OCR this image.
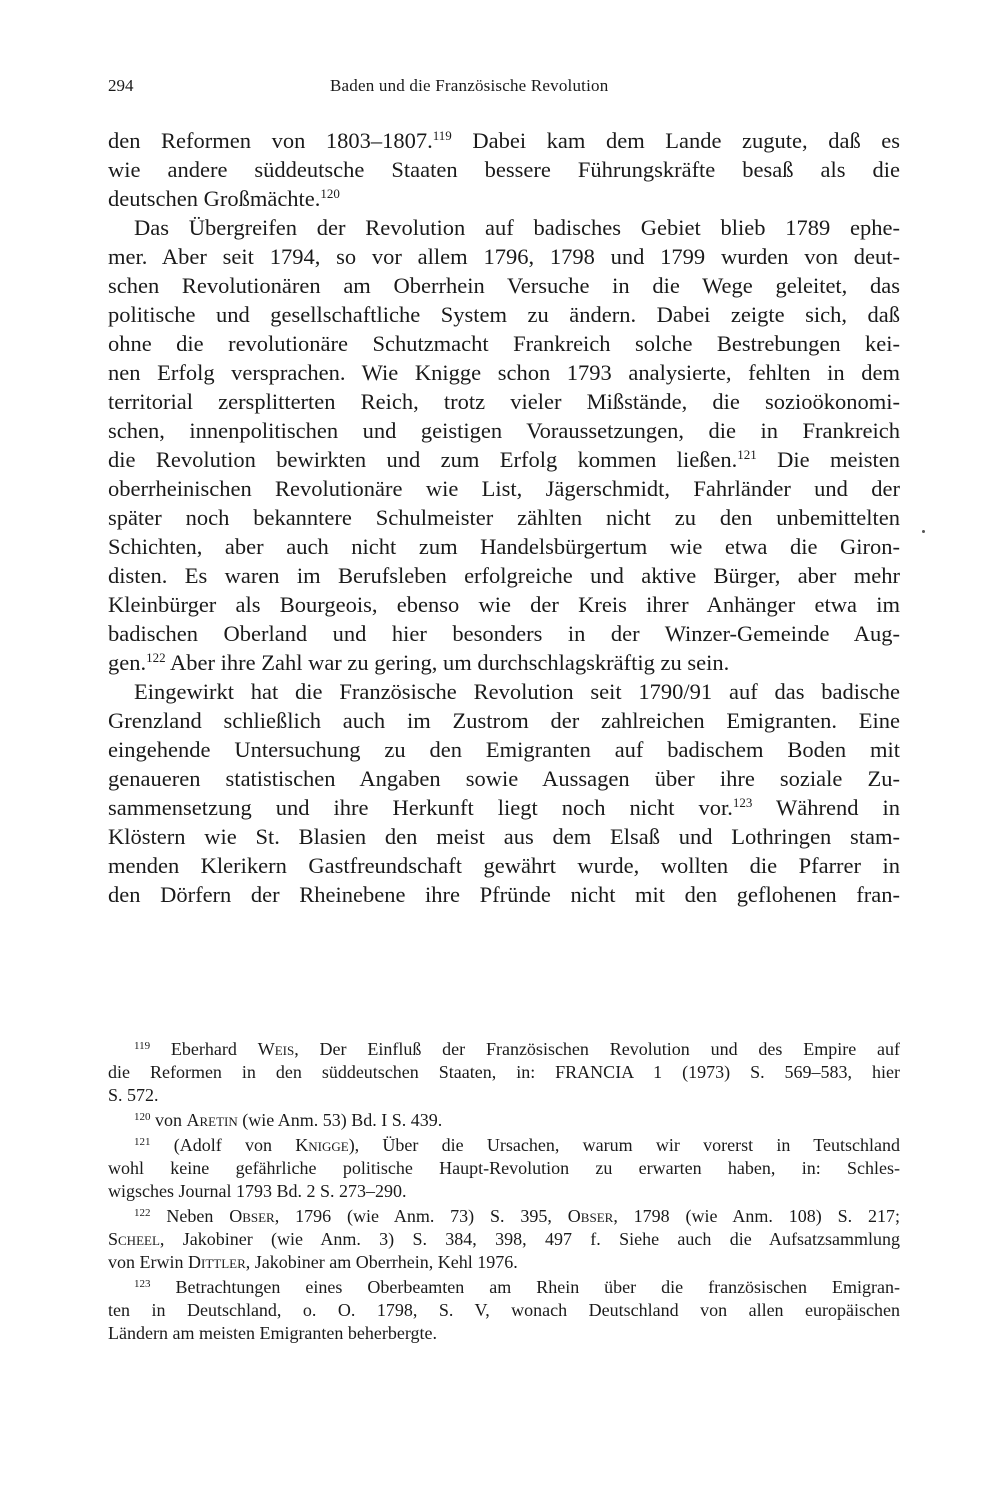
294	Baden und die Französische Revolution
den Reformen von 1803–1807.$^{119}$ Dabei kam dem Lande zugute, daß es
wie andere süddeutsche Staaten bessere Führungskräfte besaß als die
deutschen Großmächte.$^{120}$
Das Übergreifen der Revolution auf badisches Gebiet blieb 1789 ephe-
mer. Aber seit 1794, so vor allem 1796, 1798 und 1799 wurden von deut-
schen Revolutionären am Oberrhein Versuche in die Wege geleitet, das
politische und gesellschaftliche System zu ändern. Dabei zeigte sich, daß
ohne die revolutionäre Schutzmacht Frankreich solche Bestrebungen kei-
nen Erfolg versprachen. Wie Knigge schon 1793 analysierte, fehlten in dem
territorial zersplitterten Reich, trotz vieler Mißstände, die sozioökonomi-
schen, innenpolitischen und geistigen Voraussetzungen, die in Frankreich
die Revolution bewirkten und zum Erfolg kommen ließen.$^{121}$ Die meisten
oberrheinischen Revolutionäre wie List, Jägerschmidt, Fahrländer und der
später noch bekanntere Schulmeister zählten nicht zu den unbemittelten
Schichten, aber auch nicht zum Handelsbürgertum wie etwa die Giron-
disten. Es waren im Berufsleben erfolgreiche und aktive Bürger, aber mehr
Kleinbürger als Bourgeois, ebenso wie der Kreis ihrer Anhänger etwa im
badischen Oberland und hier besonders in der Winzer-Gemeinde Aug-
gen.$^{122}$ Aber ihre Zahl war zu gering, um durchschlagskräftig zu sein.
Eingewirkt hat die Französische Revolution seit 1790/91 auf das badische
Grenzland schließlich auch im Zustrom der zahlreichen Emigranten. Eine
eingehende Untersuchung zu den Emigranten auf badischem Boden mit
genaueren statistischen Angaben sowie Aussagen über ihre soziale Zu-
sammensetzung und ihre Herkunft liegt noch nicht vor.$^{123}$ Während in
Klöstern wie St. Blasien den meist aus dem Elsaß und Lothringen stam-
menden Klerikern Gastfreundschaft gewährt wurde, wollten die Pfarrer in
den Dörfern der Rheinebene ihre Pfründe nicht mit den geflohenen fran-
$^{119}$ Eberhard Weis, Der Einfluß der Französischen Revolution und des Empire auf
die Reformen in den süddeutschen Staaten, in: FRANCIA 1 (1973) S. 569–583, hier
S. 572.
$^{120}$ von Aretin (wie Anm. 53) Bd. I S. 439.
$^{121}$ (Adolf von Knigge), Über die Ursachen, warum wir vorerst in Teutschland
wohl keine gefährliche politische Haupt-Revolution zu erwarten haben, in: Schles-
wigsches Journal 1793 Bd. 2 S. 273–290.
$^{122}$ Neben Obser, 1796 (wie Anm. 73) S. 395, Obser, 1798 (wie Anm. 108) S. 217;
Scheel, Jakobiner (wie Anm. 3) S. 384, 398, 497 f. Siehe auch die Aufsatzsammlung
von Erwin Dittler, Jakobiner am Oberrhein, Kehl 1976.
$^{123}$ Betrachtungen eines Oberbeamten am Rhein über die französischen Emigran-
ten in Deutschland, o. O. 1798, S. V, wonach Deutschland von allen europäischen
Ländern am meisten Emigranten beherbergte.
